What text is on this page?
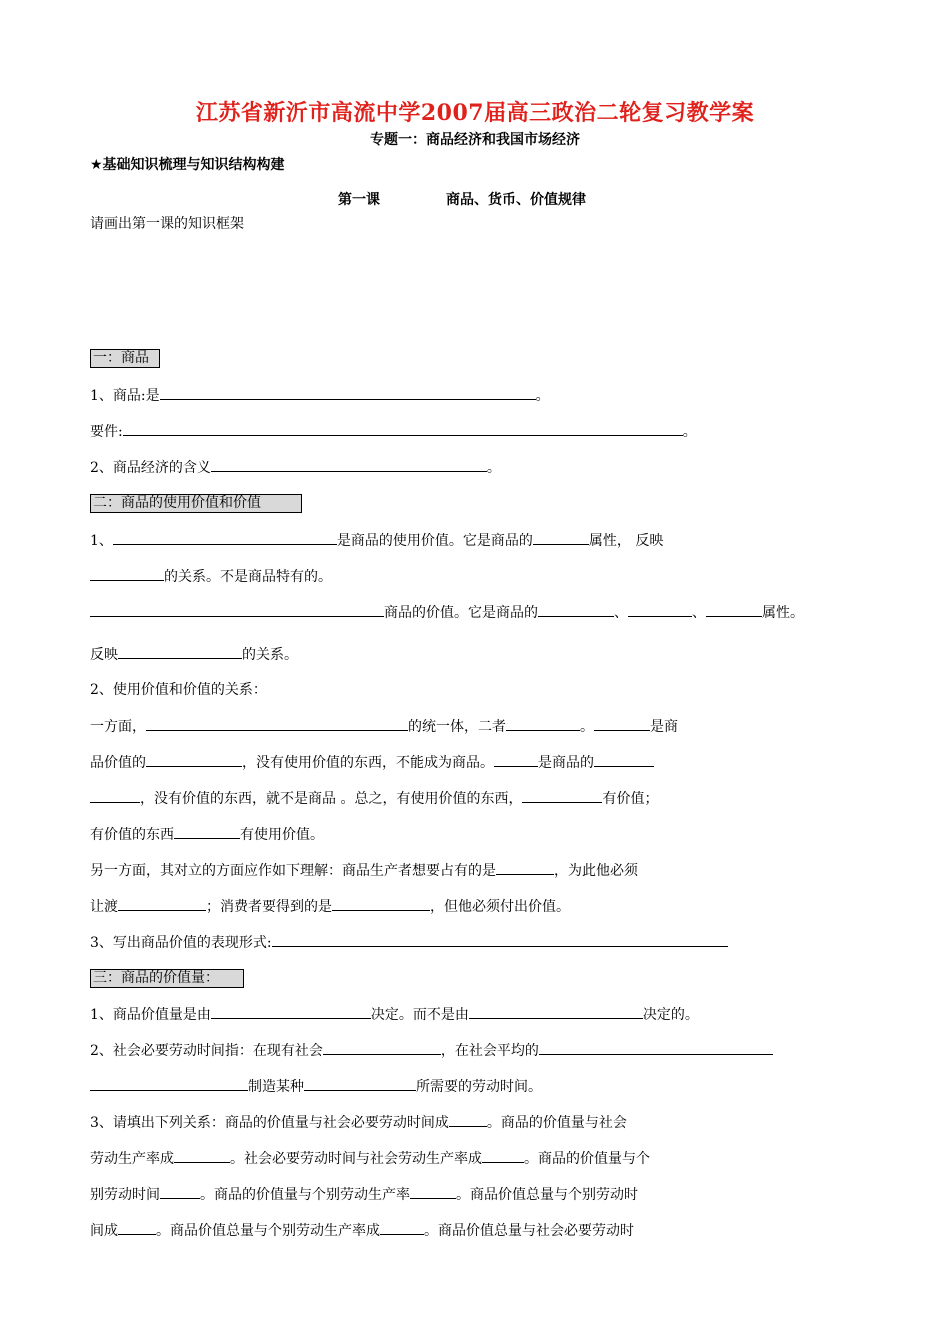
江苏省新沂市高流中学2007届高三政治二轮复习教学案
专题一：商品经济和我国市场经济
★基础知识梳理与知识结构构建
第一课	商品、货币、价值规律
请画出第一课的知识框架
一：商品
1、商品:是	。
要件:	。
2、商品经济的含义	。
二：商品的使用价值和价值
1、	是商品的使用价值。它是商品的	属性， 反映
的关系。不是商品特有的。
商品的价值。它是商品的	、	、	属性。
反映	的关系。
2、使用价值和价值的关系：
一方面，	的统一体，二者	。	是商
品价值的	，没有使用价值的东西，不能成为商品。	是商品的
，没有价值的东西，就不是商品 。总之，有使用价值的东西，	有价值；
有价值的东西	有使用价值。
另一方面，其对立的方面应作如下理解：商品生产者想要占有的是	，为此他必须
让渡	；消费者要得到的是	，但他必须付出价值。
3、写出商品价值的表现形式:
三：商品的价值量：
1、商品价值量是由	决定。而不是由	决定的。
2、社会必要劳动时间指：在现有社会	，在社会平均的
制造某种	所需要的劳动时间。
3、请填出下列关系：商品的价值量与社会必要劳动时间成	。商品的价值量与社会
劳动生产率成	。社会必要劳动时间与社会劳动生产率成	。商品的价值量与个
别劳动时间	。商品的价值量与个别劳动生产率	。商品价值总量与个别劳动时
间成	。商品价值总量与个别劳动生产率成	。商品价值总量与社会必要劳动时
